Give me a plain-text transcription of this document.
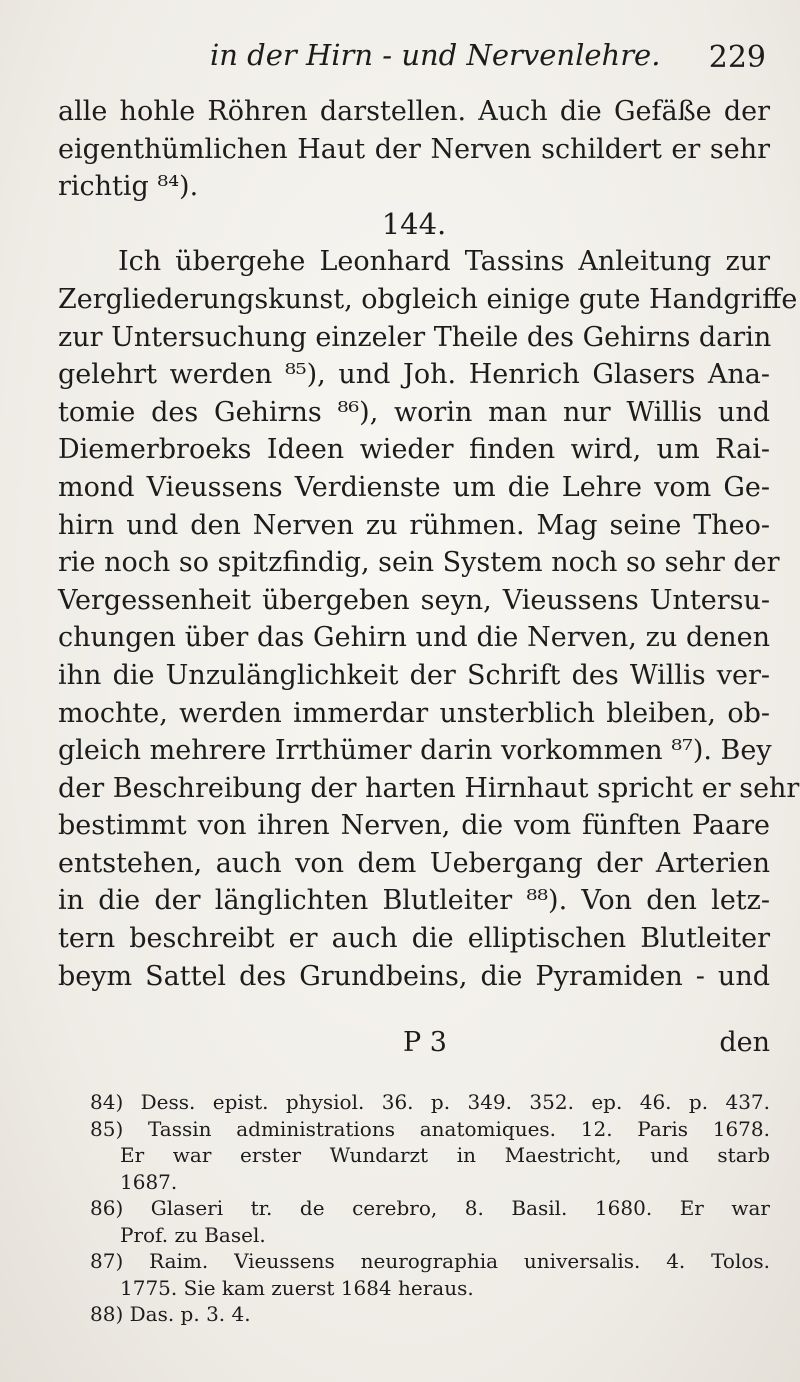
in der Hirn - und Nervenlehre. 229
alle hohle Röhren darstellen. Auch die Gefäße der
eigenthümlichen Haut der Nerven schildert er sehr
richtig ⁸⁴).
144.
Ich übergehe Leonhard Tassins Anleitung zur
Zergliederungskunst, obgleich einige gute Handgriffe
zur Untersuchung einzeler Theile des Gehirns darin
gelehrt werden ⁸⁵), und Joh. Henrich Glasers Ana-
tomie des Gehirns ⁸⁶), worin man nur Willis und
Diemerbroeks Ideen wieder finden wird, um Rai-
mond Vieussens Verdienste um die Lehre vom Ge-
hirn und den Nerven zu rühmen. Mag seine Theo-
rie noch so spitzfindig, sein System noch so sehr der
Vergessenheit übergeben seyn, Vieussens Untersu-
chungen über das Gehirn und die Nerven, zu denen
ihn die Unzulänglichkeit der Schrift des Willis ver-
mochte, werden immerdar unsterblich bleiben, ob-
gleich mehrere Irrthümer darin vorkommen ⁸⁷). Bey
der Beschreibung der harten Hirnhaut spricht er sehr
bestimmt von ihren Nerven, die vom fünften Paare
entstehen, auch von dem Uebergang der Arterien
in die der länglichten Blutleiter ⁸⁸). Von den letz-
tern beschreibt er auch die elliptischen Blutleiter
beym Sattel des Grundbeins, die Pyramiden - und
P 3	den
84) Dess. epist. physiol. 36. p. 349. 352. ep. 46. p. 437.
85) Tassin administrations anatomiques. 12. Paris 1678.
Er war erster Wundarzt in Maestricht, und starb
1687.
86) Glaseri tr. de cerebro, 8. Basil. 1680. Er war
Prof. zu Basel.
87) Raim. Vieussens neurographia universalis. 4. Tolos.
1775. Sie kam zuerst 1684 heraus.
88) Das. p. 3. 4.
